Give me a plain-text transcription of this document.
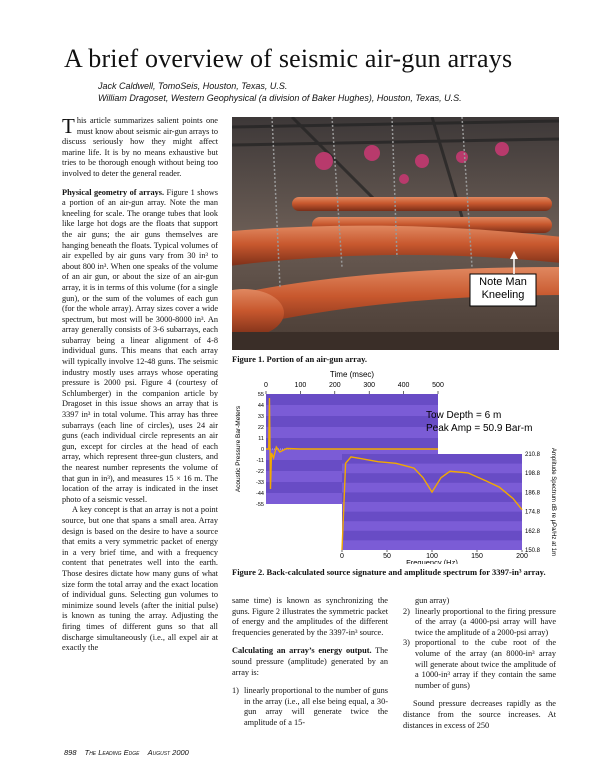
A brief overview of seismic air-gun arrays
Jack Caldwell, TomoSeis, Houston, Texas, U.S.
William Dragoset, Western Geophysical (a division of Baker Hughes), Houston, Texas, U.S.

This article summarizes salient points one must know about seismic air-gun arrays to discuss seriously how they might affect marine life. It is by no means exhaustive but tries to be thorough enough without being too involved to deter the general reader.

Physical geometry of arrays. Figure 1 shows a portion of an air-gun array. Note the man kneeling for scale. The orange tubes that look like large hot dogs are the floats that support the air guns; the air guns themselves are hanging beneath the floats. Typical volumes of air expelled by air guns vary from 30 in³ to about 800 in³. When one speaks of the volume of an air gun, or about the size of an air-gun array, it is in terms of this volume (for a single gun), or the sum of the volumes of each gun (for the whole array). Array sizes cover a wide spectrum, but most will be 3000-8000 in³. An array generally consists of 3-6 subarrays, each subarray being a linear alignment of 4-8 individual guns. This means that each array will typically involve 12-48 guns. The seismic industry mostly uses arrays whose operating pressure is 2000 psi. Figure 4 (courtesy of Schlumberger) in the companion article by Dragoset in this issue shows an array that is 3397 in³ in total volume. This array has three subarrays (each line of circles), uses 24 air guns (each individual circle represents an air gun, except for circles at the head of each array, which represent three-gun clusters, and the nearest number represents the volume of that gun in in³), and measures 15 × 16 m. The location of the array is indicated in the inset photo of a seismic vessel.

A key concept is that an array is not a point source, but one that spans a small area. Array design is based on the desire to have a source that emits a very symmetric packet of energy in a very brief time, and with a frequency content that penetrates well into the earth. Those desires dictate how many guns of what size form the total array and the exact location of individual guns. Selecting gun volumes to minimize sound levels (after the initial pulse) is known as tuning the array. Adjusting the firing times of different guns so that all discharge simultaneously (i.e., all expel air at exactly the

Note Man Kneeling
Figure 1. Portion of an air-gun array.
Time (msec)
0	100	200	300	400	500
55
44
33
22
11
0
-11
-22
-33
-44
-55
Acoustic Pressure Bar-Meters	Tow Depth = 6 m
Peak Amp = 50.9 Bar-m
0	50	100	150	200
Frequency (Hz)
210.8
198.8
186.8
174.8
162.8
150.8 Amplitude Spectrum dB re μPa/Hz at 1m
Figure 2. Back-calculated source signature and amplitude spectrum for 3397-in³ array.

same time) is known as synchronizing the guns. Figure 2 illustrates the symmetric packet of energy and the amplitudes of the different frequencies generated by the 3397-in³ source.

Calculating an array’s energy output. The sound pressure (amplitude) generated by an array is:

1) linearly proportional to the number of guns in the array (i.e., all else being equal, a 30-gun array will generate twice the amplitude of a 15-
gun array)
2) linearly proportional to the firing pressure of the array (a 4000-psi array will have twice the amplitude of a 2000-psi array)
3) proportional to the cube root of the volume of the array (an 8000-in³ array will generate about twice the amplitude of a 1000-in³ array if they contain the same number of guns)

Sound pressure decreases rapidly as the distance from the source increases. At distances in excess of 250

898 The Leading Edge August 2000
